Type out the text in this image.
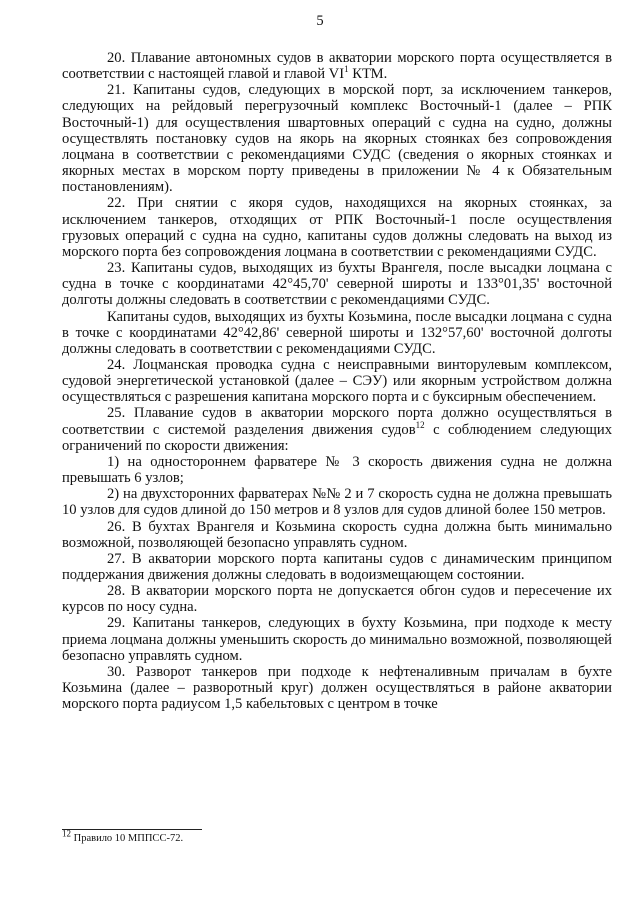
5

20. Плавание автономных судов в акватории морского порта осуществляется в соответствии с настоящей главой и главой $VI^1$ КТМ.

21. Капитаны судов, следующих в морской порт, за исключением танкеров, следующих на рейдовый перегрузочный комплекс Восточный-1 (далее – РПК Восточный-1) для осуществления швартовных операций с судна на судно, должны осуществлять постановку судов на якорь на якорных стоянках без сопровождения лоцмана в соответствии с рекомендациями СУДС (сведения о якорных стоянках и якорных местах в морском порту приведены в приложении № 4 к Обязательным постановлениям).

22. При снятии с якоря судов, находящихся на якорных стоянках, за исключением танкеров, отходящих от РПК Восточный-1 после осуществления грузовых операций с судна на судно, капитаны судов должны следовать на выход из морского порта без сопровождения лоцмана в соответствии с рекомендациями СУДС.

23. Капитаны судов, выходящих из бухты Врангеля, после высадки лоцмана с судна в точке с координатами 42°45,70' северной широты и 133°01,35' восточной долготы должны следовать в соответствии с рекомендациями СУДС.

Капитаны судов, выходящих из бухты Козьмина, после высадки лоцмана с судна в точке с координатами 42°42,86' северной широты и 132°57,60' восточной долготы должны следовать в соответствии с рекомендациями СУДС.

24. Лоцманская проводка судна с неисправными винторулевым комплексом, судовой энергетической установкой (далее – СЭУ) или якорным устройством должна осуществляться с разрешения капитана морского порта и с буксирным обеспечением.

25. Плавание судов в акватории морского порта должно осуществляться в соответствии с системой разделения движения судов$^{12}$ с соблюдением следующих ограничений по скорости движения:

1) на одностороннем фарватере № 3 скорость движения судна не должна превышать 6 узлов;

2) на двухсторонних фарватерах №№ 2 и 7 скорость судна не должна превышать 10 узлов для судов длиной до 150 метров и 8 узлов для судов длиной более 150 метров.

26. В бухтах Врангеля и Козьмина скорость судна должна быть минимально возможной, позволяющей безопасно управлять судном.

27. В акватории морского порта капитаны судов с динамическим принципом поддержания движения должны следовать в водоизмещающем состоянии.

28. В акватории морского порта не допускается обгон судов и пересечение их курсов по носу судна.

29. Капитаны танкеров, следующих в бухту Козьмина, при подходе к месту приема лоцмана должны уменьшить скорость до минимально возможной, позволяющей безопасно управлять судном.

30. Разворот танкеров при подходе к нефтеналивным причалам в бухте Козьмина (далее – разворотный круг) должен осуществляться в районе акватории морского порта радиусом 1,5 кабельтовых с центром в точке

$^{12}$ Правило 10 МППСС-72.
